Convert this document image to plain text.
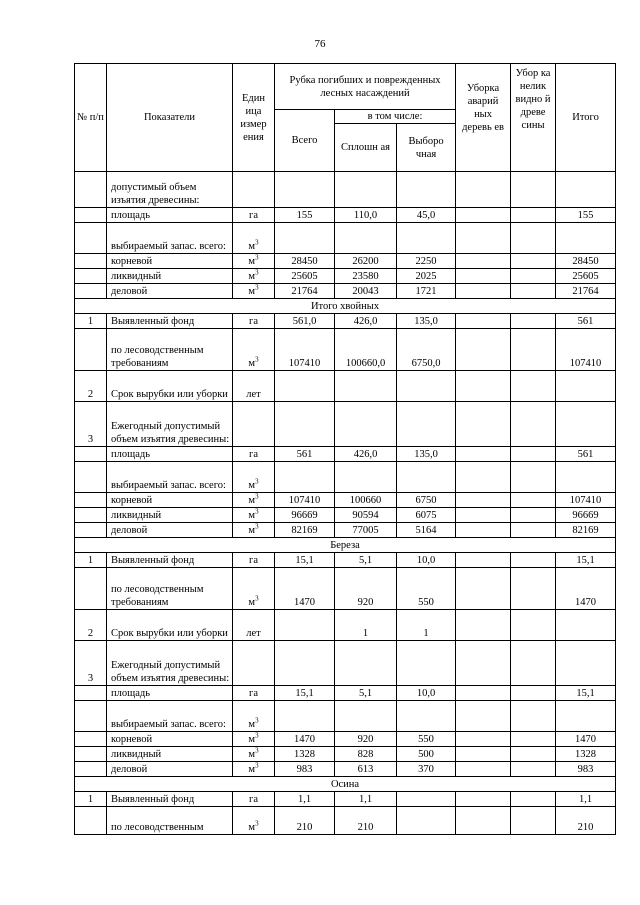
76
№ п/п	Показатели	Един ица измер ения	Рубка погибших и поврежденных лесных насаждений			Уборка аварий ных деревь ев	Убор ка нелик видно й древе сины	Итого
			Всего	в том числе:				
				Сплошн ая	Выборо чная			
	допустимый объем изъятия древесины:							
	площадь	га	155	110,0	45,0			155
	выбираемый запас. всего:	$м^3$						
	корневой	$м^3$	28450	26200	2250			28450
	ликвидный	$м^3$	25605	23580	2025			25605
	деловой	$м^3$	21764	20043	1721			21764
Итого хвойных								
1	Выявленный фонд	га	561,0	426,0	135,0			561
	по лесоводственным требованиям	$м^3$	107410	100660,0	6750,0			107410
2	Срок вырубки или уборки	лет						
3	Ежегодный допустимый объем изъятия древесины:							
	площадь	га	561	426,0	135,0			561
	выбираемый запас. всего:	$м^3$						
	корневой	$м^3$	107410	100660	6750			107410
	ликвидный	$м^3$	96669	90594	6075			96669
	деловой	$м^3$	82169	77005	5164			82169
Береза								
1	Выявленный фонд	га	15,1	5,1	10,0			15,1
	по лесоводственным требованиям	$м^3$	1470	920	550			1470
2	Срок вырубки или уборки	лет		1	1			
3	Ежегодный допустимый объем изъятия древесины:							
	площадь	га	15,1	5,1	10,0			15,1
	выбираемый запас. всего:	$м^3$						
	корневой	$м^3$	1470	920	550			1470
	ликвидный	$м^3$	1328	828	500			1328
	деловой	$м^3$	983	613	370			983
Осина								
1	Выявленный фонд	га	1,1	1,1				1,1
	по лесоводственным	$м^3$	210	210				210
